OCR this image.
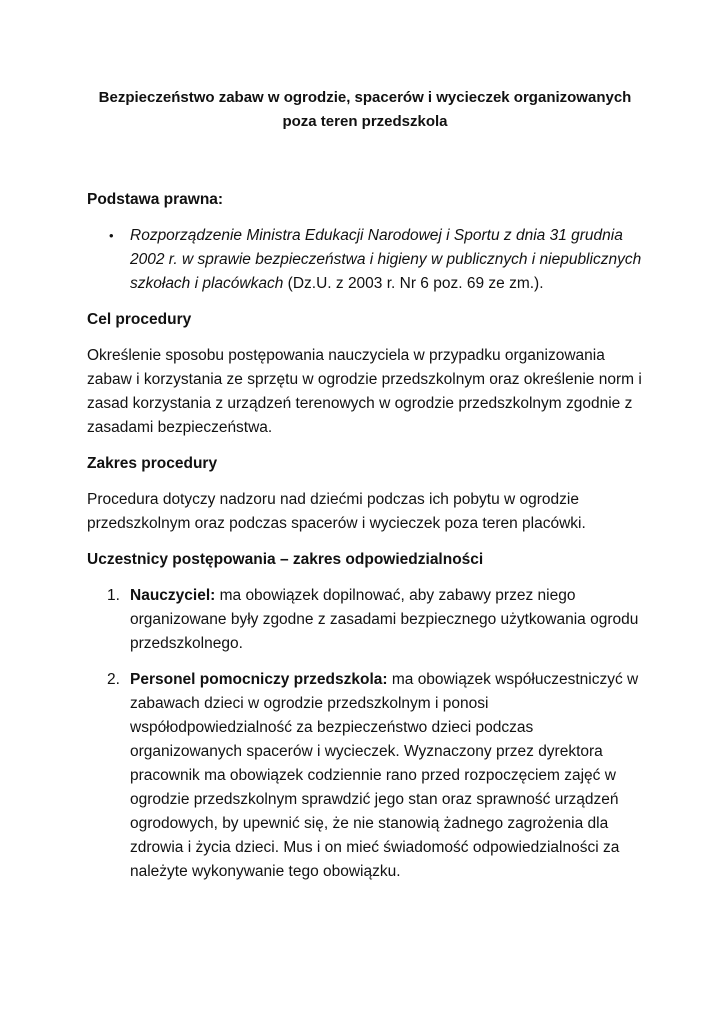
Bezpieczeństwo zabaw w ogrodzie, spacerów i wycieczek organizowanych
poza teren przedszkola
Podstawa prawna:
• Rozporządzenie Ministra Edukacji Narodowej i Sportu z dnia 31 grudnia 2002 r. w sprawie bezpieczeństwa i higieny w publicznych i niepublicznych szkołach i placówkach (Dz.U. z 2003 r. Nr 6 poz. 69 ze zm.).
Cel procedury

Określenie sposobu postępowania nauczyciela w przypadku organizowania zabaw i korzystania ze sprzętu w ogrodzie przedszkolnym oraz określenie norm i zasad korzystania z urządzeń terenowych w ogrodzie przedszkolnym zgodnie z zasadami bezpieczeństwa.

Zakres procedury

Procedura dotyczy nadzoru nad dziećmi podczas ich pobytu w ogrodzie przedszkolnym oraz podczas spacerów i wycieczek poza teren placówki.

Uczestnicy postępowania – zakres odpowiedzialności
1. Nauczyciel: ma obowiązek dopilnować, aby zabawy przez niego organizowane były zgodne z zasadami bezpiecznego użytkowania ogrodu przedszkolnego.
2. Personel pomocniczy przedszkola: ma obowiązek współuczestniczyć w zabawach dzieci w ogrodzie przedszkolnym i ponosi współodpowiedzialność za bezpieczeństwo dzieci podczas organizowanych spacerów i wycieczek. Wyznaczony przez dyrektora pracownik ma obowiązek codziennie rano przed rozpoczęciem zajęć w ogrodzie przedszkolnym sprawdzić jego stan oraz sprawność urządzeń ogrodowych, by upewnić się, że nie stanowią żadnego zagrożenia dla zdrowia i życia dzieci. Mus i on mieć świadomość odpowiedzialności za należyte wykonywanie tego obowiązku.
